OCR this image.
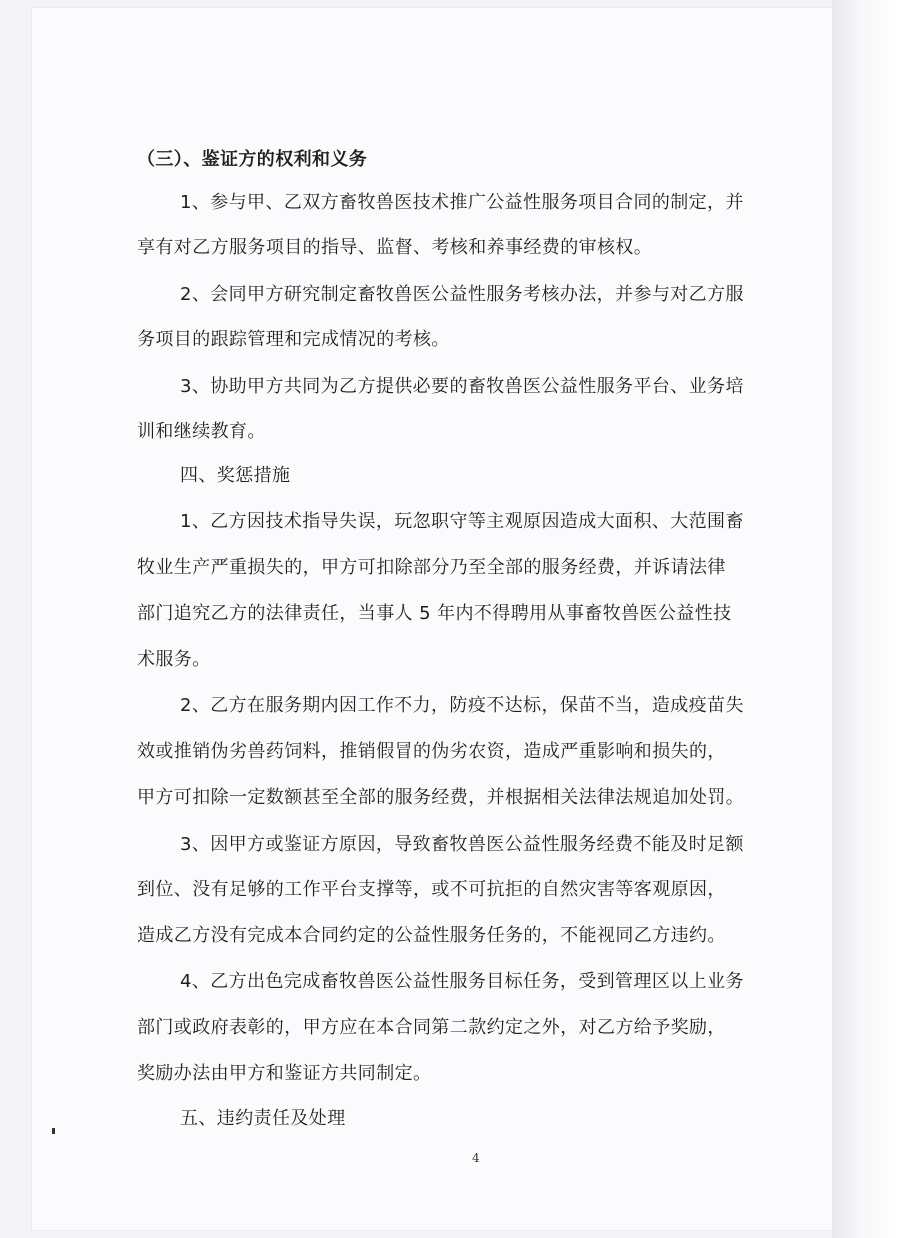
（三）、鉴证方的权利和义务
1、参与甲、乙双方畜牧兽医技术推广公益性服务项目合同的制定，并
享有对乙方服务项目的指导、监督、考核和养事经费的审核权。
2、会同甲方研究制定畜牧兽医公益性服务考核办法，并参与对乙方服
务项目的跟踪管理和完成情况的考核。
3、协助甲方共同为乙方提供必要的畜牧兽医公益性服务平台、业务培
训和继续教育。
四、奖惩措施
1、乙方因技术指导失误，玩忽职守等主观原因造成大面积、大范围畜
牧业生产严重损失的，甲方可扣除部分乃至全部的服务经费，并诉请法律
部门追究乙方的法律责任，当事人 5 年内不得聘用从事畜牧兽医公益性技
术服务。
2、乙方在服务期内因工作不力，防疫不达标，保苗不当，造成疫苗失
效或推销伪劣兽药饲料，推销假冒的伪劣农资，造成严重影响和损失的，
甲方可扣除一定数额甚至全部的服务经费，并根据相关法律法规追加处罚。
3、因甲方或鉴证方原因，导致畜牧兽医公益性服务经费不能及时足额
到位、没有足够的工作平台支撑等，或不可抗拒的自然灾害等客观原因，
造成乙方没有完成本合同约定的公益性服务任务的，不能视同乙方违约。
4、乙方出色完成畜牧兽医公益性服务目标任务，受到管理区以上业务
部门或政府表彰的，甲方应在本合同第二款约定之外，对乙方给予奖励，
奖励办法由甲方和鉴证方共同制定。
五、违约责任及处理
4
